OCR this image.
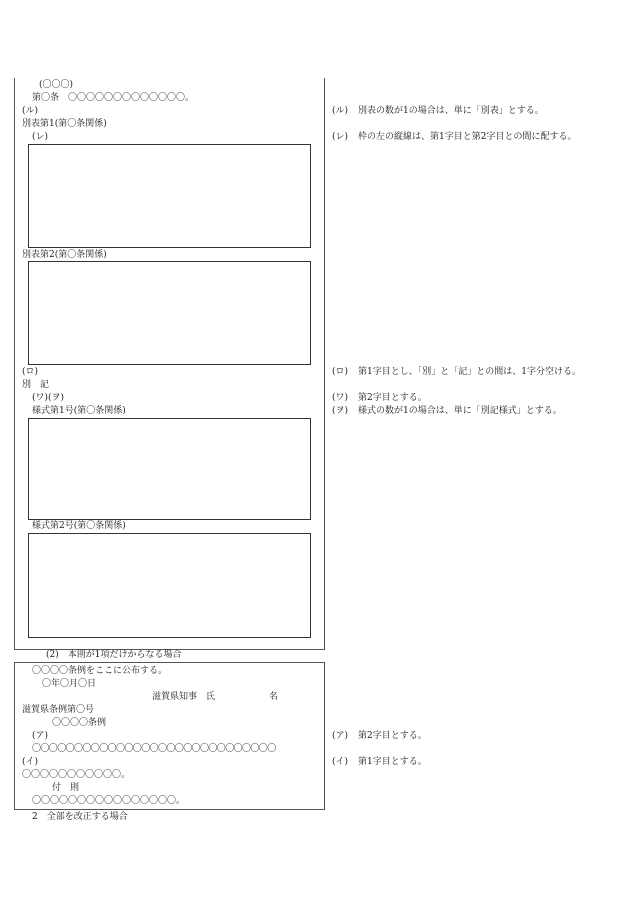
(〇〇〇)
第〇条　〇〇〇〇〇〇〇〇〇〇〇〇〇。
(ル)
別表第1(第〇条関係)
(レ)
別表第2(第〇条関係)
(ロ)
別　記
(ワ)(ヲ)
様式第1号(第〇条関係)
様式第2号(第〇条関係)
(2)　本則が1項だけからなる場合
〇〇〇〇条例をここに公布する。
〇年〇月〇日
滋賀県知事　氏　　　　　　名
滋賀県条例第〇号
〇〇〇〇条例
(ア)
〇〇〇〇〇〇〇〇〇〇〇〇〇〇〇〇〇〇〇〇〇〇〇〇〇〇〇〇〇
(イ)
〇〇〇〇〇〇〇〇〇〇〇。
付　則
〇〇〇〇〇〇〇〇〇〇〇〇〇〇〇〇。
2　全部を改正する場合
(ル) 別表の数が1の場合は、単に「別表」とする。
(レ) 枠の左の縦線は、第1字目と第2字目との間に配する。
(ロ) 第1字目とし、「別」と「記」との間は、1字分空ける。
(ワ) 第2字目とする。
(ヲ) 様式の数が1の場合は、単に「別記様式」とする。
(ア) 第2字目とする。
(イ) 第1字目とする。
